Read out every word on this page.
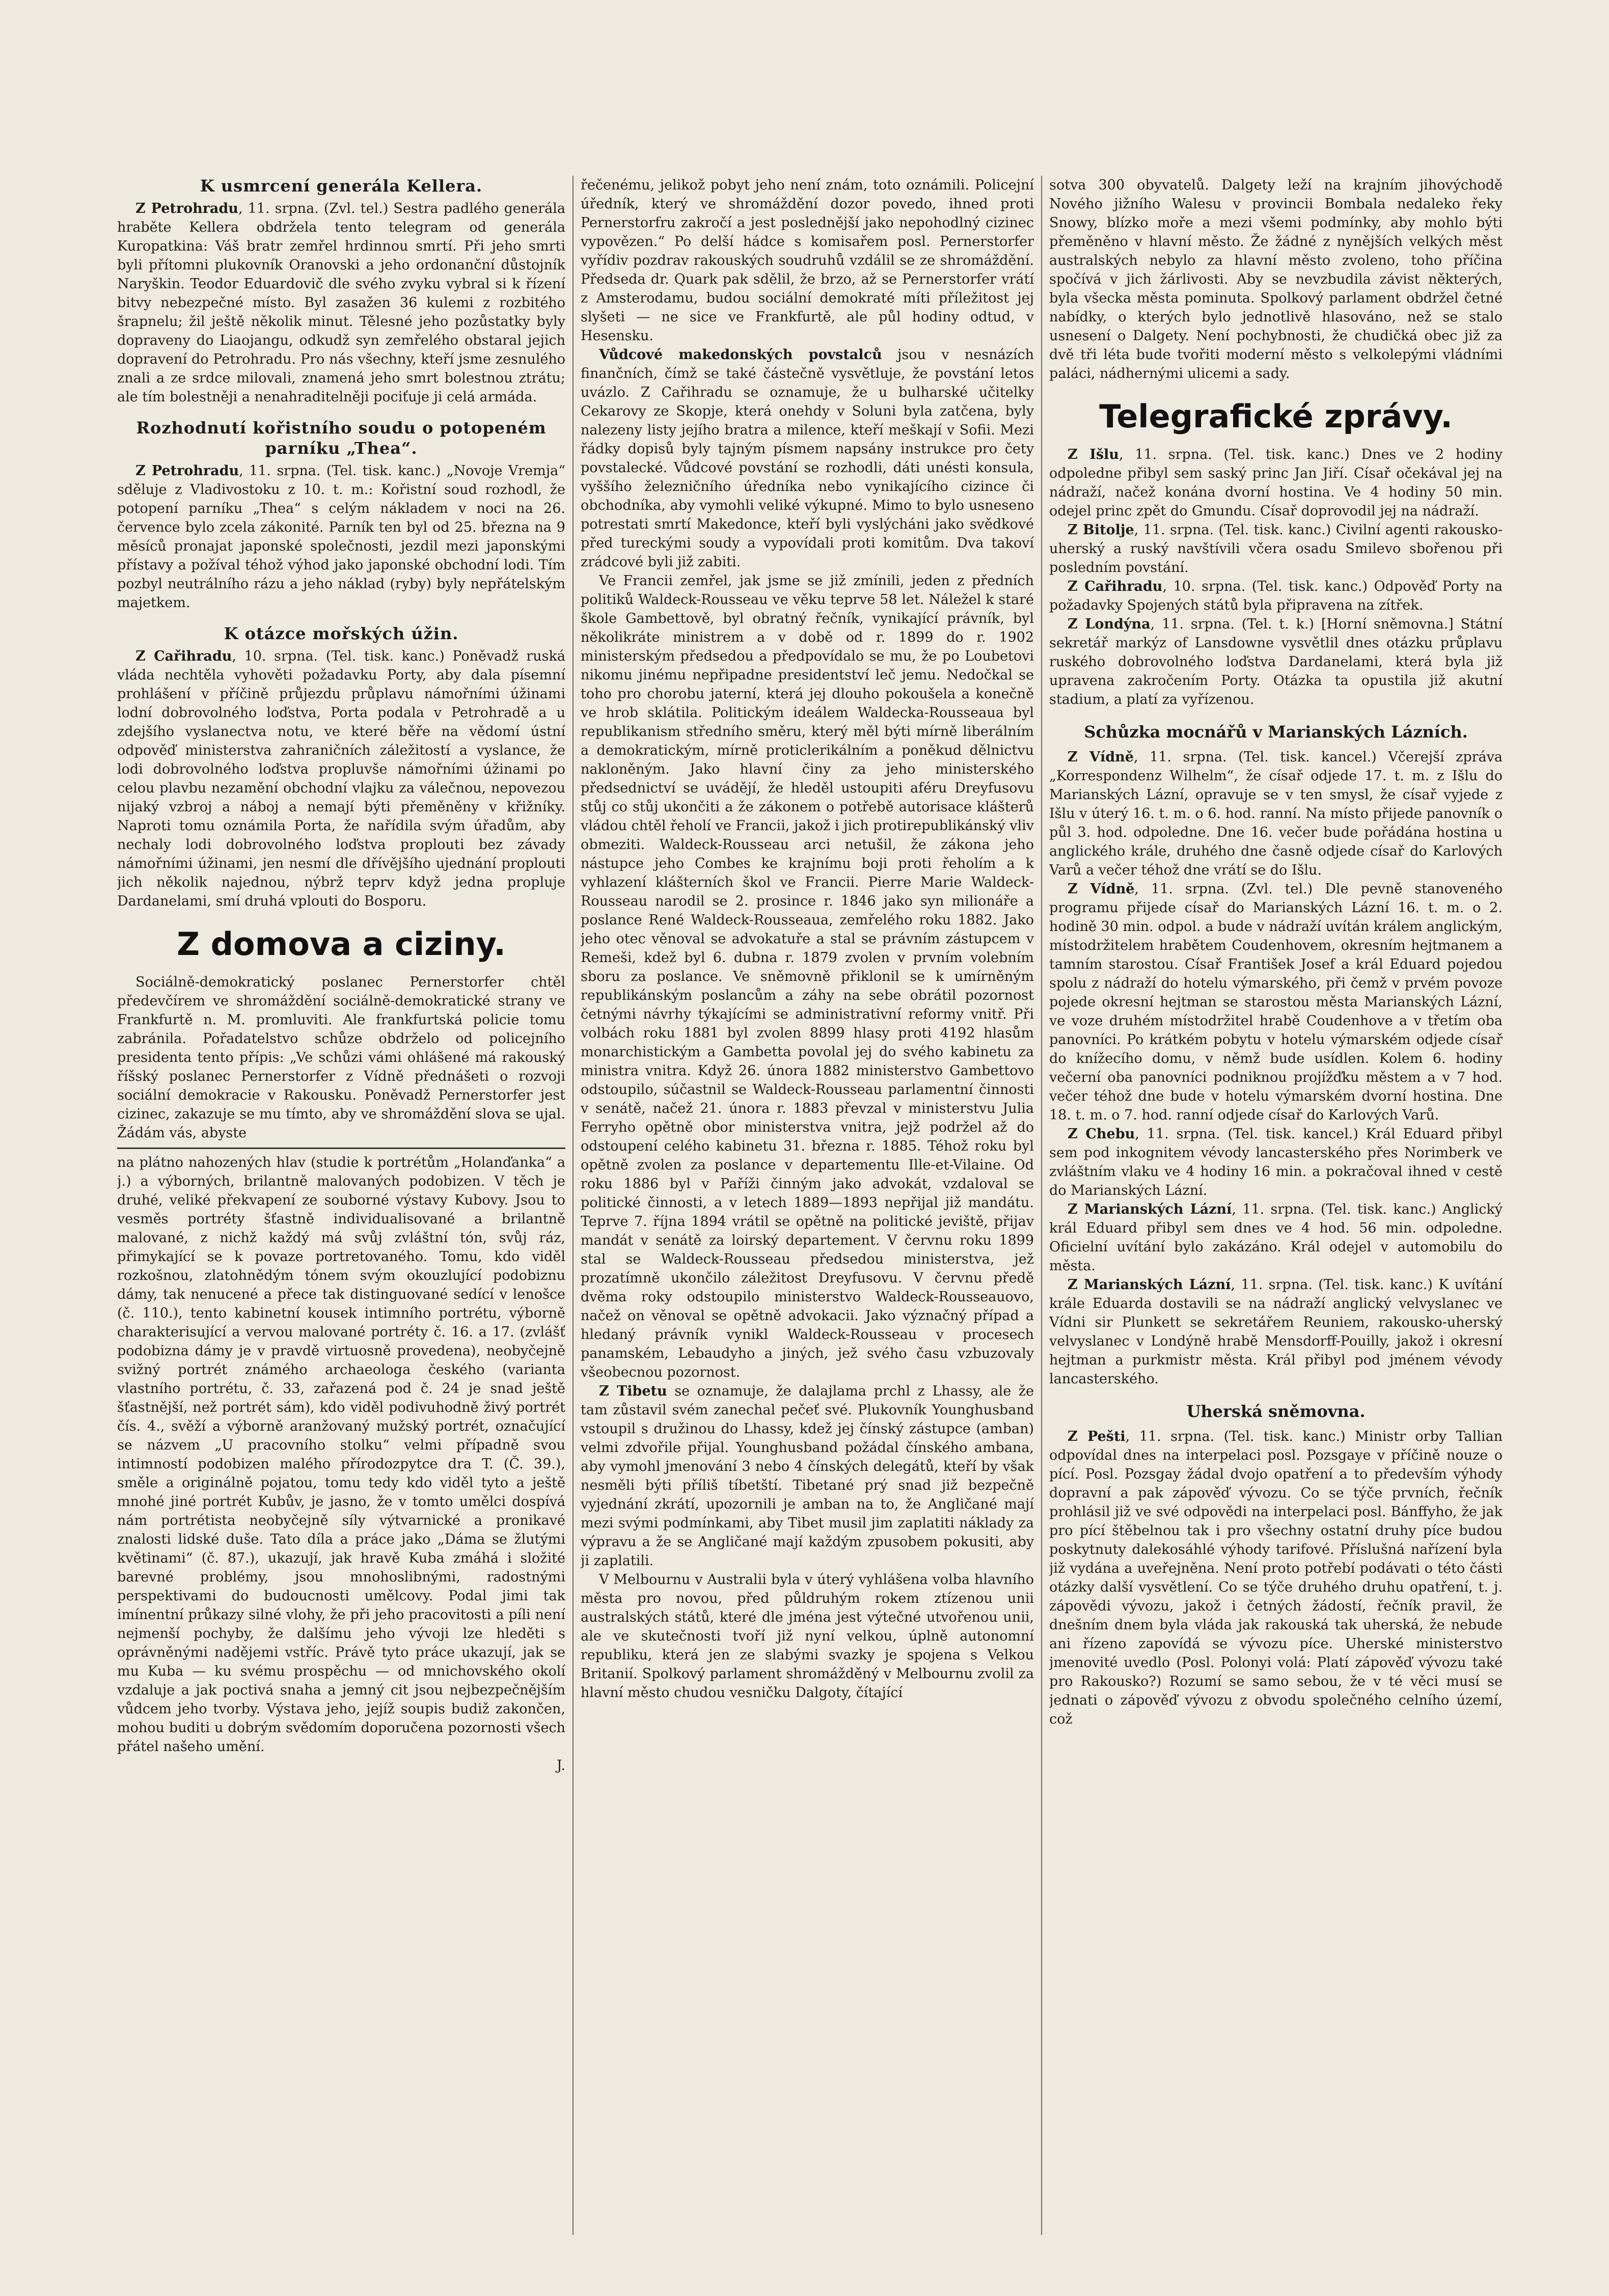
K usmrcení generála Kellera.

Z Petrohradu, 11. srpna. (Zvl. tel.) Sestra padlého generála hraběte Kellera obdržela tento telegram od generála Kuropatkina: Váš bratr zemřel hrdinnou smrtí. Při jeho smrti byli přítomni plukovník Oranovski a jeho ordonanční důstojník Naryškin. Teodor Eduardovič dle svého zvyku vybral si k řízení bitvy nebezpečné místo. Byl zasažen 36 kulemi z rozbitého šrapnelu; žil ještě několik minut. Tělesné jeho pozůstatky byly dopraveny do Liaojangu, odkudž syn zemřelého obstaral jejich dopravení do Petrohradu. Pro nás všechny, kteří jsme zesnulého znali a ze srdce milovali, znamená jeho smrt bolestnou ztrátu; ale tím bolestněji a nenahraditelněji pociťuje ji celá armáda.

Rozhodnutí kořistního soudu o potopeném parníku „Thea“.

Z Petrohradu, 11. srpna. (Tel. tisk. kanc.) „Novoje Vremja“ sděluje z Vladivostoku z 10. t. m.: Kořistní soud rozhodl, že potopení parníku „Thea“ s celým nákladem v noci na 26. července bylo zcela zákonité. Parník ten byl od 25. března na 9 měsíců pronajat japonské společnosti, jezdil mezi japonskými přístavy a požíval téhož výhod jako japonské obchodní lodi. Tím pozbyl neutrálního rázu a jeho náklad (ryby) byly nepřátelským majetkem.

K otázce mořských úžin.

Z Cařihradu, 10. srpna. (Tel. tisk. kanc.) Poněvadž ruská vláda nechtěla vyhověti požadavku Porty, aby dala písemní prohlášení v příčině průjezdu průplavu námořními úžinami lodní dobrovolného loďstva, Porta podala v Petrohradě a u zdejšího vyslanectva notu, ve které běře na vědomí ústní odpověď ministerstva zahraničních záležitostí a vyslance, že lodi dobrovolného loďstva propluvše námořními úžinami po celou plavbu nezamění obchodní vlajku za válečnou, nepovezou nijaký vzbroj a náboj a nemají býti přeměněny v křižníky. Naproti tomu oznámila Porta, že nařídila svým úřadům, aby nechaly lodi dobrovolného loďstva proplouti bez závady námořními úžinami, jen nesmí dle dřívějšího ujednání proplouti jich několik najednou, nýbrž teprv když jedna propluje Dardanelami, smí druhá vplouti do Bosporu.

Z domova a ciziny.

Sociálně-demokratický poslanec Pernerstorfer chtěl předevčírem ve shromáždění sociálně-demokratické strany ve Frankfurtě n. M. promluviti. Ale frankfurtská policie tomu zabránila. Pořadatelstvo schůze obdrželo od policejního presidenta tento přípis: „Ve schůzi vámi ohlášené má rakouský říšský poslanec Pernerstorfer z Vídně přednášeti o rozvoji sociální demokracie v Rakousku. Poněvadž Pernerstorfer jest cizinec, zakazuje se mu tímto, aby ve shromáždění slova se ujal. Žádám vás, abyste

na plátno nahozených hlav (studie k portrétům „Holanďanka“ a j.) a výborných, brilantně malovaných podobizen. V těch je druhé, veliké překvapení ze souborné výstavy Kubovy. Jsou to vesměs portréty šťastně individualisované a brilantně malované, z nichž každý má svůj zvláštní tón, svůj ráz, přimykající se k povaze portretovaného. Tomu, kdo viděl rozkošnou, zlatohnědým tónem svým okouzlující podobiznu dámy, tak nenucené a přece tak distinguované sedící v lenošce (č. 110.), tento kabinetní kousek intimního portrétu, výborně charakterisující a vervou malované portréty č. 16. a 17. (zvlášť podobizna dámy je v pravdě virtuosně provedena), neobyčejně svižný portrét známého archaeologa českého (varianta vlastního portrétu, č. 33, zařazená pod č. 24 je snad ještě šťastnější, než portrét sám), kdo viděl podivuhodně živý portrét čís. 4., svěží a výborně aranžovaný mužský portrét, označující se názvem „U pracovního stolku“ velmi případně svou intimností podobizen malého přírodozpytce dra T. (Č. 39.), směle a originálně pojatou, tomu tedy kdo viděl tyto a ještě mnohé jiné portrét Kubův, je jasno, že v tomto umělci dospívá nám portrétista neobyčejně síly výtvarnické a pronikavé znalosti lidské duše. Tato díla a práce jako „Dáma se žlutými květinami“ (č. 87.), ukazují, jak hravě Kuba zmáhá i složité barevné problémy, jsou mnohoslibnými, radostnými perspektivami do budoucnosti umělcovy. Podal jimi tak imínentní průkazy silné vlohy, že při jeho pracovitosti a píli není nejmenší pochyby, že dalšímu jeho vývoji lze hleděti s oprávněnými nadějemi vstříc. Právě tyto práce ukazují, jak se mu Kuba — ku svému prospěchu — od mnichovského okolí vzdaluje a jak poctivá snaha a jemný cit jsou nejbezpečnějším vůdcem jeho tvorby. Výstava jeho, jejíž soupis budiž zakončen, mohou buditi u dobrým svědomím doporučena pozornosti všech přátel našeho umění.

J.

řečenému, jelikož pobyt jeho není znám, toto oznámili. Policejní úředník, který ve shromáždění dozor povedo, ihned proti Pernerstorfru zakročí a jest poslednější jako nepohodlný cizinec vypovězen.“ Po delší hádce s komisařem posl. Pernerstorfer vyřídiv pozdrav rakouských soudruhů vzdálil se ze shromáždění. Předseda dr. Quark pak sdělil, že brzo, až se Pernerstorfer vrátí z Amsterodamu, budou sociální demokraté míti příležitost jej slyšeti — ne sice ve Frankfurtě, ale půl hodiny odtud, v Hesensku.

Vůdcové makedonských povstalců jsou v nesnázích finančních, čímž se také částečně vysvětluje, že povstání letos uvázlo. Z Cařihradu se oznamuje, že u bulharské učitelky Cekarovy ze Skopje, která onehdy v Soluni byla zatčena, byly nalezeny listy jejího bratra a milence, kteří meškají v Sofii. Mezi řádky dopisů byly tajným písmem napsány instrukce pro čety povstalecké. Vůdcové povstání se rozhodli, dáti unésti konsula, vyššího železničního úředníka nebo vynikajícího cizince či obchodníka, aby vymohli veliké výkupné. Mimo to bylo usneseno potrestati smrtí Makedonce, kteří byli vyslýcháni jako svědkové před tureckými soudy a vypovídali proti komitům. Dva takoví zrádcové byli již zabiti.

Ve Francii zemřel, jak jsme se již zmínili, jeden z předních politiků Waldeck-Rousseau ve věku teprve 58 let. Náležel k staré škole Gambettově, byl obratný řečník, vynikající právník, byl několikráte ministrem a v době od r. 1899 do r. 1902 ministerským předsedou a předpovídalo se mu, že po Loubetovi nikomu jinému nepřipadne presidentství leč jemu. Nedočkal se toho pro chorobu jaterní, která jej dlouho pokoušela a konečně ve hrob sklátila. Politickým ideálem Waldecka-Rousseaua byl republikanism středního směru, který měl býti mírně liberálním a demokratickým, mírně proticlerikálním a poněkud dělnictvu nakloněným. Jako hlavní činy za jeho ministerského předsednictví se uvádějí, že hleděl ustoupiti aféru Dreyfusovu stůj co stůj ukončiti a že zákonem o potřebě autorisace klášterů vládou chtěl řeholí ve Francii, jakož i jich protirepublikánský vliv obmeziti. Waldeck-Rousseau arci netušil, že zákona jeho nástupce jeho Combes ke krajnímu boji proti řeholím a k vyhlazení klášterních škol ve Francii. Pierre Marie Waldeck-Rousseau narodil se 2. prosince r. 1846 jako syn milionáře a poslance René Waldeck-Rousseaua, zemřelého roku 1882. Jako jeho otec věnoval se advokatuře a stal se právním zástupcem v Remeši, kdež byl 6. dubna r. 1879 zvolen v prvním volebním sboru za poslance. Ve sněmovně přiklonil se k umírněným republikánským poslancům a záhy na sebe obrátil pozornost četnými návrhy týkajícími se administrativní reformy vnitř. Při volbách roku 1881 byl zvolen 8899 hlasy proti 4192 hlasům monarchistickým a Gambetta povolal jej do svého kabinetu za ministra vnitra. Když 26. února 1882 ministerstvo Gambettovo odstoupilo, súčastnil se Waldeck-Rousseau parlamentní činnosti v senátě, načež 21. února r. 1883 převzal v ministerstvu Julia Ferryho opětně obor ministerstva vnitra, jejž podržel až do odstoupení celého kabinetu 31. března r. 1885. Téhož roku byl opětně zvolen za poslance v departementu Ille-et-Vilaine. Od roku 1886 byl v Paříži činným jako advokát, vzdaloval se politické činnosti, a v letech 1889—1893 nepřijal již mandátu. Teprve 7. října 1894 vrátil se opětně na politické jeviště, přijav mandát v senátě za loirský departement. V červnu roku 1899 stal se Waldeck-Rousseau předsedou ministerstva, jež prozatímně ukončilo záležitost Dreyfusovu. V červnu předě dvěma roky odstoupilo ministerstvo Waldeck-Rousseauovo, načež on věnoval se opětně advokacii. Jako význačný případ a hledaný právník vynikl Waldeck-Rousseau v procesech panamském, Lebaudyho a jiných, jež svého času vzbuzovaly všeobecnou pozornost.

Z Tibetu se oznamuje, že dalajlama prchl z Lhassy, ale že tam zůstavil svém zanechal pečeť své. Plukovník Younghusband vstoupil s družinou do Lhassy, kdež jej čínský zástupce (amban) velmi zdvořile přijal. Younghusband požádal čínského ambana, aby vymohl jmenování 3 nebo 4 čínských delegátů, kteří by však nesměli býti příliš tíbetští. Tibetané prý snad již bezpečně vyjednání zkrátí, upozornili je amban na to, že Angličané mají mezi svými podmínkami, aby Tibet musil jim zaplatiti náklady za výpravu a že se Angličané mají každým zpusobem pokusiti, aby ji zaplatili.

V Melbournu v Australii byla v úterý vyhlášena volba hlavního města pro novou, před půldruhým rokem ztízenou unii australských států, které dle jména jest výtečné utvořenou unii, ale ve skutečnosti tvoří již nyní velkou, úplně autonomní republiku, která jen ze slabými svazky je spojena s Velkou Britanií. Spolkový parlament shromážděný v Melbournu zvolil za hlavní město chudou vesničku Dalgoty, čítající

sotva 300 obyvatelů. Dalgety leží na krajním jihovýchodě Nového jižního Walesu v provincii Bombala nedaleko řeky Snowy, blízko moře a mezi všemi podmínky, aby mohlo býti přeměněno v hlavní město. Že žádné z nynějších velkých měst australských nebylo za hlavní město zvoleno, toho příčina spočívá v jich žárlivosti. Aby se nevzbudila závist některých, byla všecka města pominuta. Spolkový parlament obdržel četné nabídky, o kterých bylo jednotlivě hlasováno, než se stalo usnesení o Dalgety. Není pochybnosti, že chudičká obec již za dvě tři léta bude tvořiti moderní město s velkolepými vládními paláci, nádhernými ulicemi a sady.

Telegrafické zprávy.

Z Išlu, 11. srpna. (Tel. tisk. kanc.) Dnes ve 2 hodiny odpoledne přibyl sem saský princ Jan Jiří. Císař očekával jej na nádraží, načež konána dvorní hostina. Ve 4 hodiny 50 min. odejel princ zpět do Gmundu. Císař doprovodil jej na nádraží.

Z Bitolje, 11. srpna. (Tel. tisk. kanc.) Civilní agenti rakousko-uherský a ruský navštívili včera osadu Smilevo sbořenou při posledním povstání.

Z Cařihradu, 10. srpna. (Tel. tisk. kanc.) Odpověď Porty na požadavky Spojených států byla připravena na zítřek.

Z Londýna, 11. srpna. (Tel. t. k.) [Horní sněmovna.] Státní sekretář markýz of Lansdowne vysvětlil dnes otázku průplavu ruského dobrovolného loďstva Dardanelami, která byla již upravena zakročením Porty. Otázka ta opustila již akutní stadium, a platí za vyřízenou.

Schůzka mocnářů v Marianských Lázních.

Z Vídně, 11. srpna. (Tel. tisk. kancel.) Včerejší zpráva „Korrespondenz Wilhelm“, že císař odjede 17. t. m. z Išlu do Marianských Lázní, opravuje se v ten smysl, že císař vyjede z Išlu v úterý 16. t. m. o 6. hod. ranní. Na místo přijede panovník o půl 3. hod. odpoledne. Dne 16. večer bude pořádána hostina u anglického krále, druhého dne časně odjede císař do Karlových Varů a večer téhož dne vrátí se do Išlu.

Z Vídně, 11. srpna. (Zvl. tel.) Dle pevně stanoveného programu přijede císař do Marianských Lázní 16. t. m. o 2. hodině 30 min. odpol. a bude v nádraží uvítán králem anglickým, místodržitelem hrabětem Coudenhovem, okresním hejtmanem a tamním starostou. Císař František Josef a král Eduard pojedou spolu z nádraží do hotelu výmarského, při čemž v prvém povoze pojede okresní hejtman se starostou města Marianských Lázní, ve voze druhém místodržitel hrabě Coudenhove a v třetím oba panovníci. Po krátkém pobytu v hotelu výmarském odjede císař do knížecího domu, v němž bude usídlen. Kolem 6. hodiny večerní oba panovníci podniknou projížďku městem a v 7 hod. večer téhož dne bude v hotelu výmarském dvorní hostina. Dne 18. t. m. o 7. hod. ranní odjede císař do Karlových Varů.

Z Chebu, 11. srpna. (Tel. tisk. kancel.) Král Eduard přibyl sem pod inkognitem vévody lancasterského přes Norimberk ve zvláštním vlaku ve 4 hodiny 16 min. a pokračoval ihned v cestě do Marianských Lázní.

Z Marianských Lázní, 11. srpna. (Tel. tisk. kanc.) Anglický král Eduard přibyl sem dnes ve 4 hod. 56 min. odpoledne. Oficielní uvítání bylo zakázáno. Král odejel v automobilu do města.

Z Marianských Lázní, 11. srpna. (Tel. tisk. kanc.) K uvítání krále Eduarda dostavili se na nádraží anglický velvyslanec ve Vídni sir Plunkett se sekretářem Reuniem, rakousko-uherský velvyslanec v Londýně hrabě Mensdorff-Pouilly, jakož i okresní hejtman a purkmistr města. Král přibyl pod jménem vévody lancasterského.

Uherská sněmovna.

Z Pešti, 11. srpna. (Tel. tisk. kanc.) Ministr orby Tallian odpovídal dnes na interpelaci posl. Pozsgaye v příčině nouze o pící. Posl. Pozsgay žádal dvojo opatření a to především výhody dopravní a pak zápověď vývozu. Co se týče prvních, řečník prohlásil již ve své odpovědi na interpelaci posl. Bánffyho, že jak pro pící štěbelnou tak i pro všechny ostatní druhy píce budou poskytnuty dalekosáhlé výhody tarifové. Příslušná nařízení byla již vydána a uveřejněna. Není proto potřebí podávati o této části otázky další vysvětlení. Co se týče druhého druhu opatření, t. j. zápovědi vývozu, jakož i četných žádostí, řečník pravil, že dnešním dnem byla vláda jak rakouská tak uherská, že nebude ani řízeno zapovídá se vývozu píce. Uherské ministerstvo jmenovité uvedlo (Posl. Polonyi volá: Platí zápověď vývozu také pro Rakousko?) Rozumí se samo sebou, že v té věci musí se jednati o zápověď vývozu z obvodu společného celního území, což
